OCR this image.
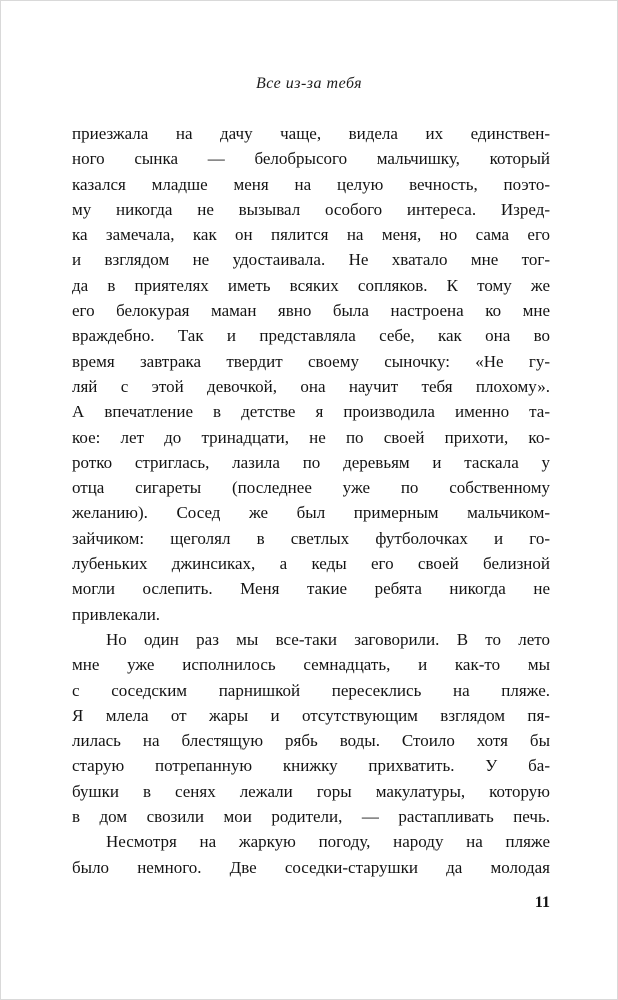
Все из-за тебя
приезжала на дачу чаще, видела их единствен-
ного сынка — белобрысого мальчишку, который
казался младше меня на целую вечность, поэто-
му никогда не вызывал особого интереса. Изред-
ка замечала, как он пялится на меня, но сама его
и взглядом не удостаивала. Не хватало мне тог-
да в приятелях иметь всяких сопляков. К тому же
его белокурая маман явно была настроена ко мне
враждебно. Так и представляла себе, как она во
время завтрака твердит своему сыночку: «Не гу-
ляй с этой девочкой, она научит тебя плохому».
А впечатление в детстве я производила именно та-
кое: лет до тринадцати, не по своей прихоти, ко-
ротко стриглась, лазила по деревьям и таскала у
отца сигареты (последнее уже по собственному
желанию). Сосед же был примерным мальчиком-
зайчиком: щеголял в светлых футболочках и го-
лубеньких джинсиках, а кеды его своей белизной
могли ослепить. Меня такие ребята никогда не
привлекали.
Но один раз мы все-таки заговорили. В то лето
мне уже исполнилось семнадцать, и как-то мы
с соседским парнишкой пересеклись на пляже.
Я млела от жары и отсутствующим взглядом пя-
лилась на блестящую рябь воды. Стоило хотя бы
старую потрепанную книжку прихватить. У ба-
бушки в сенях лежали горы макулатуры, которую
в дом свозили мои родители, — растапливать печь.
Несмотря на жаркую погоду, народу на пляже
было немного. Две соседки-старушки да молодая
11
